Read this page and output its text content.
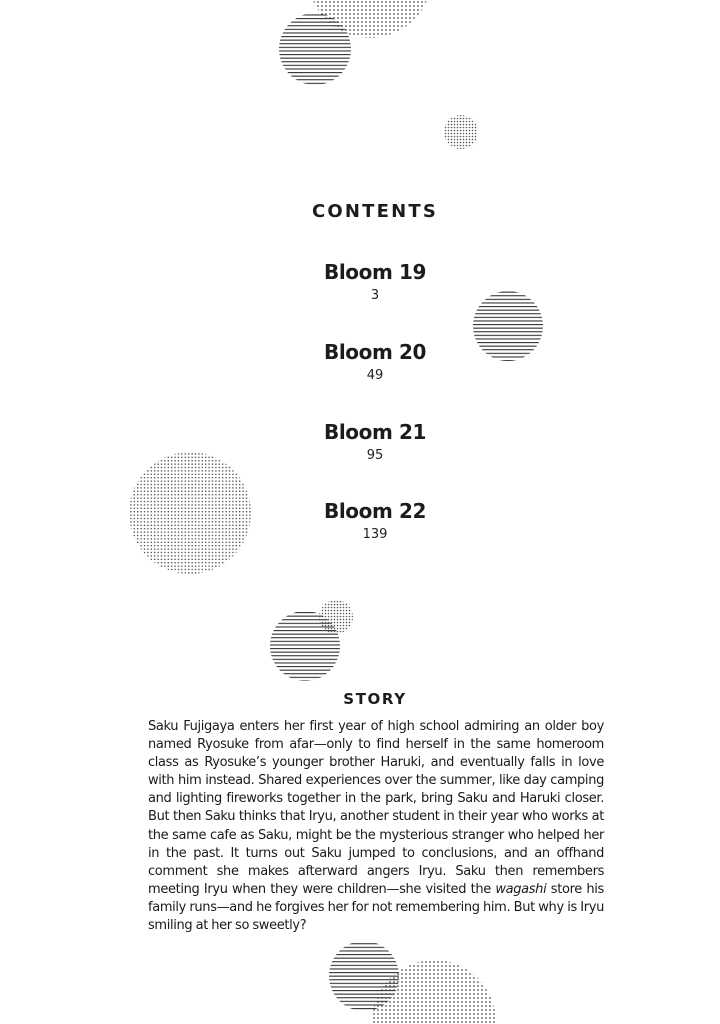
CONTENTS
Bloom 19
3
Bloom 20
49
Bloom 21
95
Bloom 22
139
STORY
Saku Fujigaya enters her first year of high school admiring an older boy named Ryosuke from afar—only to find herself in the same homeroom class as Ryosuke’s younger brother Haruki, and eventually falls in love with him instead. Shared experiences over the summer, like day camping and lighting fireworks together in the park, bring Saku and Haruki closer. But then Saku thinks that Iryu, another student in their year who works at the same cafe as Saku, might be the mysterious stranger who helped her in the past. It turns out Saku jumped to conclusions, and an offhand comment she makes afterward angers Iryu. Saku then remembers meeting Iryu when they were children—she visited the wagashi store his family runs—and he forgives her for not remembering him. But why is Iryu smiling at her so sweetly?
